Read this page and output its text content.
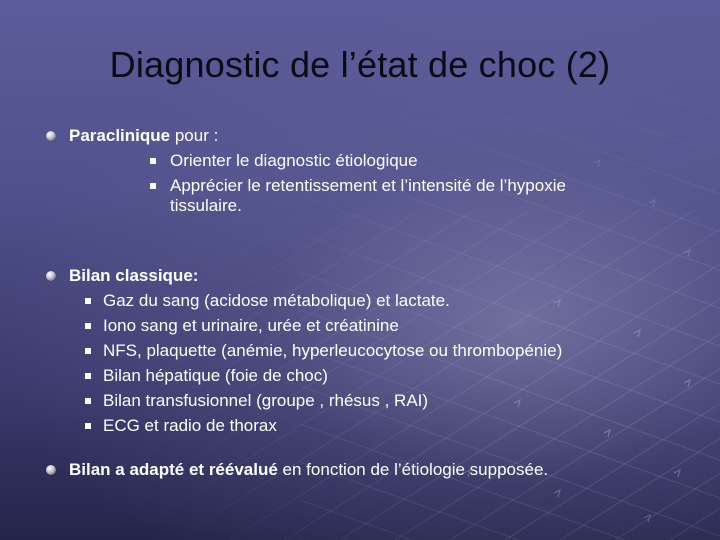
Diagnostic de l’état de choc (2)
Paraclinique pour :
Orienter le diagnostic étiologique
Apprécier le retentissement et l’intensité de l’hypoxie
tissulaire.
Bilan classique:
Gaz du sang (acidose métabolique) et lactate.
Iono sang et urinaire, urée et créatinine
NFS, plaquette (anémie, hyperleucocytose ou thrombopénie)
Bilan hépatique (foie de choc)
Bilan transfusionnel (groupe , rhésus , RAI)
ECG et radio de thorax
Bilan a adapté et réévalué en fonction de l’étiologie supposée.
